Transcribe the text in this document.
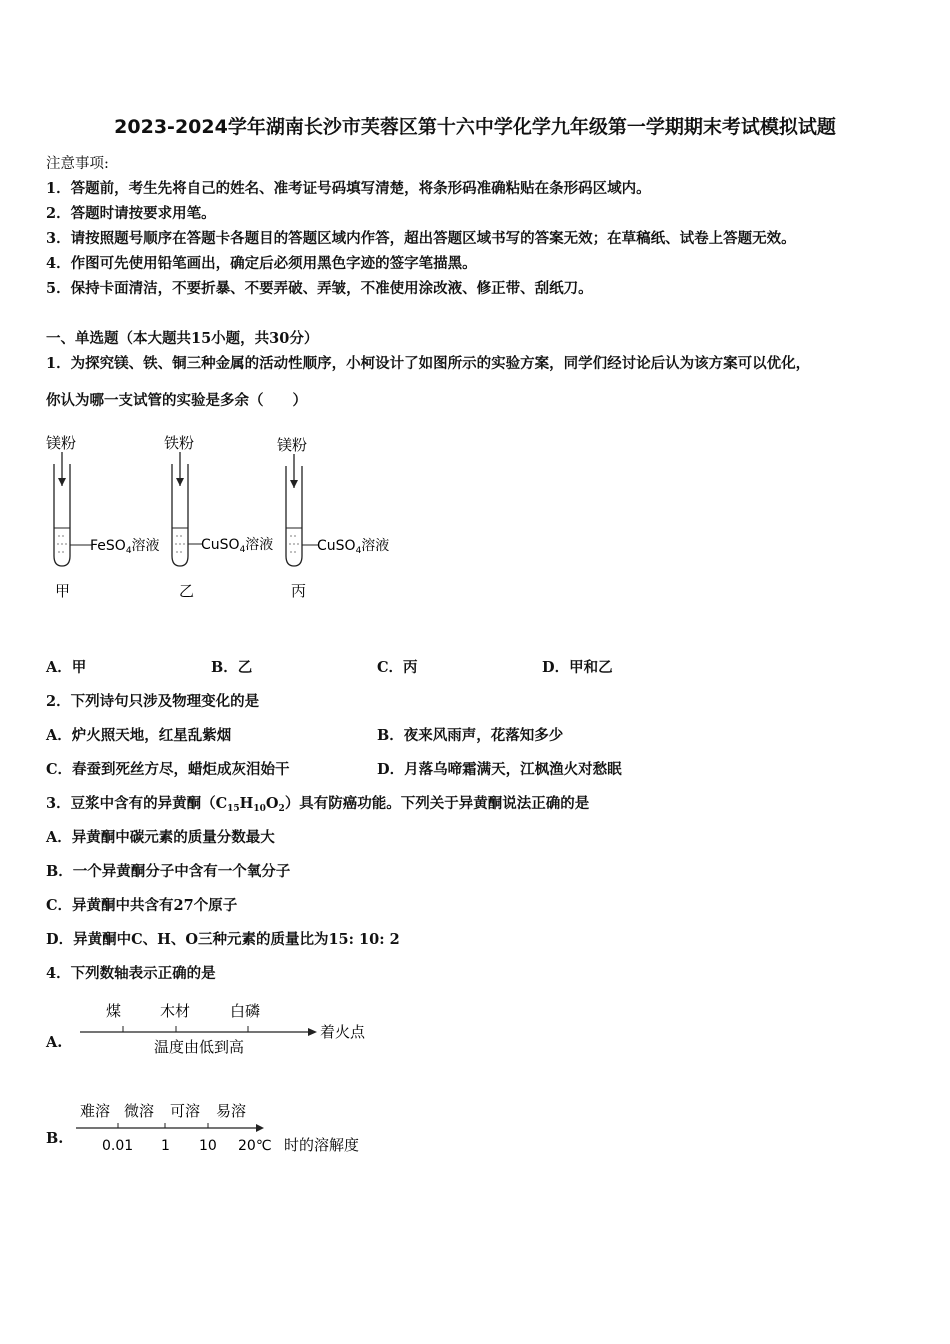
2023-2024学年湖南长沙市芙蓉区第十六中学化学九年级第一学期期末考试模拟试题
注意事项:
1．答题前，考生先将自己的姓名、准考证号码填写清楚，将条形码准确粘贴在条形码区域内。
2．答题时请按要求用笔。
3．请按照题号顺序在答题卡各题目的答题区域内作答，超出答题区域书写的答案无效；在草稿纸、试卷上答题无效。
4．作图可先使用铅笔画出，确定后必须用黑色字迹的签字笔描黑。
5．保持卡面清洁，不要折暴、不要弄破、弄皱，不准使用涂改液、修正带、刮纸刀。
一、单选题（本大题共15小题，共30分）
1．为探究镁、铁、铜三种金属的活动性顺序，小柯设计了如图所示的实验方案，同学们经讨论后认为该方案可以优化，
你认为哪一支试管的实验是多余（　　）
镁粉
FeSO$_4$溶液
甲
铁粉
CuSO$_4$溶液
乙
镁粉
CuSO$_4$溶液
丙
A．甲	B．乙	C．丙	D．甲和乙
2．下列诗句只涉及物理变化的是
A．炉火照天地，红星乱紫烟	B．夜来风雨声，花落知多少
C．春蚕到死丝方尽，蜡炬成灰泪始干	D．月落乌啼霜满天，江枫渔火对愁眠
3．豆浆中含有的异黄酮$(C_{15}H_{10}O_2)$具有防癌功能。下列关于异黄酮说法正确的是
A．异黄酮中碳元素的质量分数最大
B．一个异黄酮分子中含有一个氧分子
C．异黄酮中共含有27个原子
D．异黄酮中C、H、O三种元素的质量比为15: 10: 2
4．下列数轴表示正确的是
A.
煤	木材	白磷
着火点
温度由低到高
B.
难溶 微溶 可溶 易溶
0.01 1 10 20℃ 时的溶解度
